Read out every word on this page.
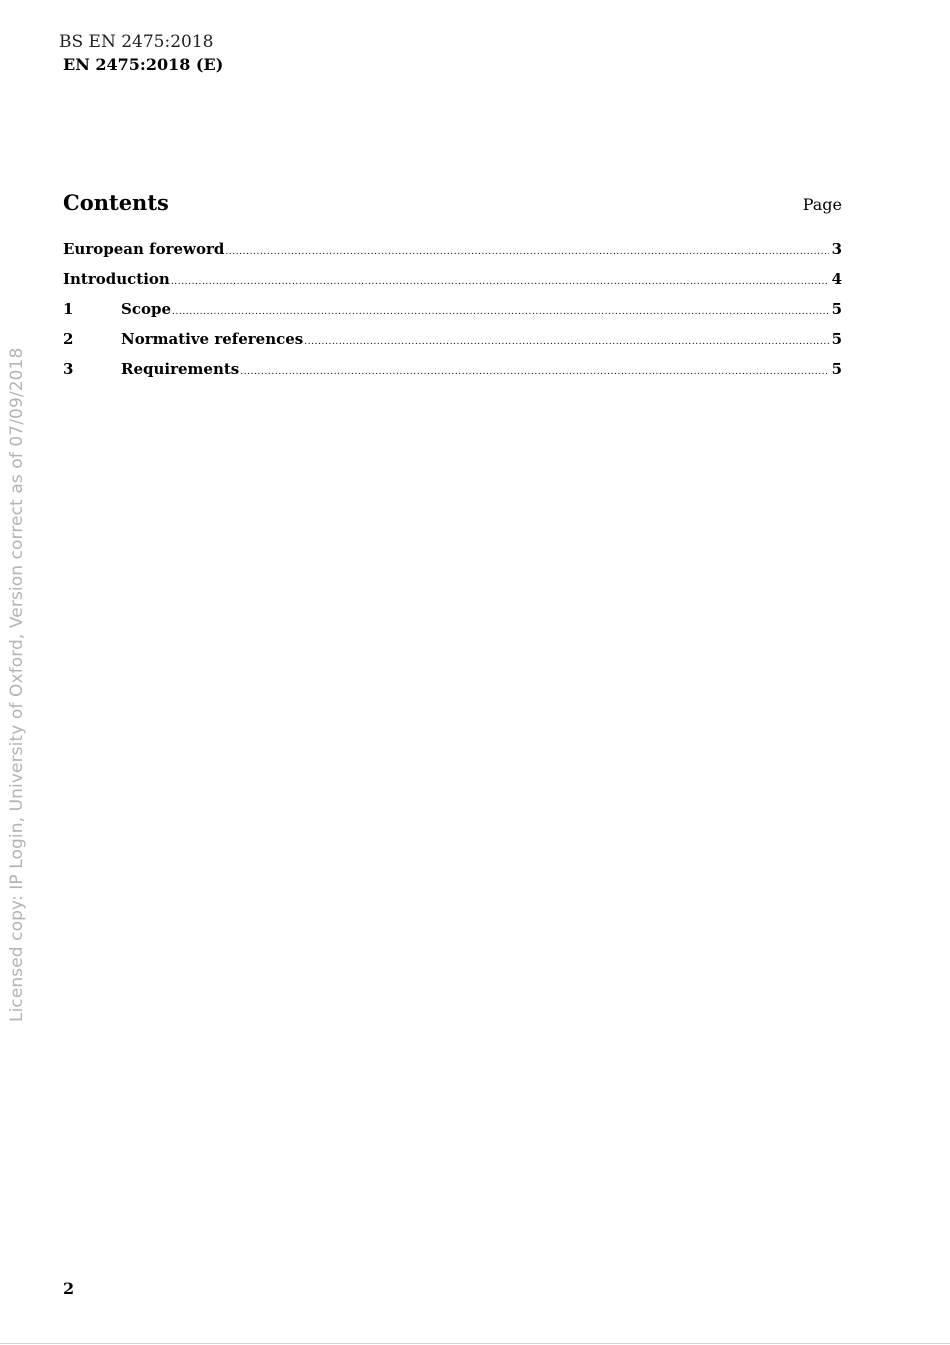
BS EN 2475:2018
EN 2475:2018 (E)
Licensed copy: IP Login, University of Oxford, Version correct as of 07/09/2018
Contents	Page
European foreword .....	3
Introduction .....	4
1	Scope .....	5
2	Normative references .....	5
3	Requirements .....	5
2
